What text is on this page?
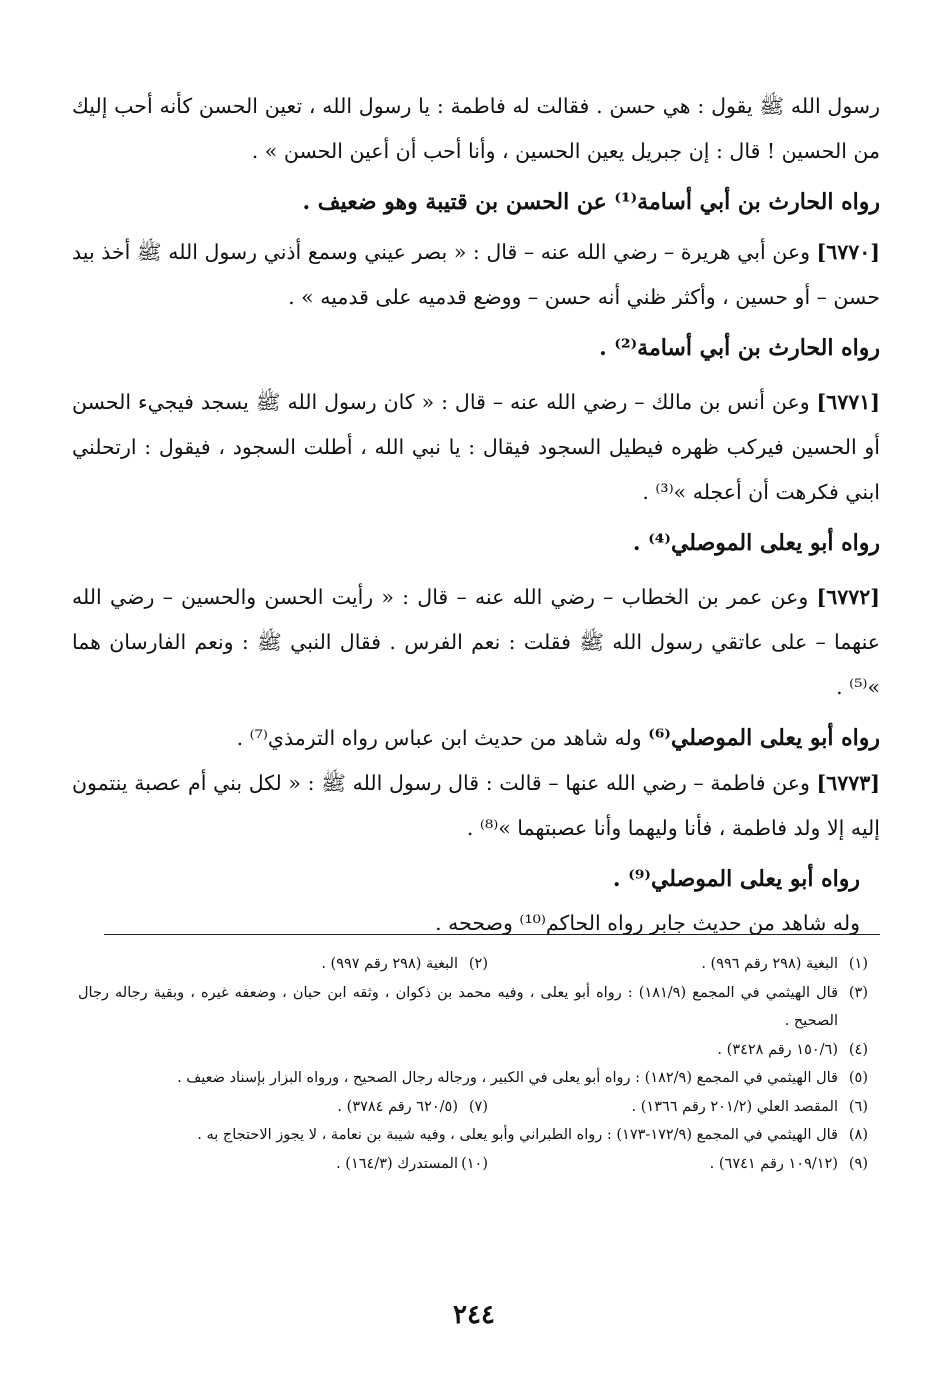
رسول الله ﷺ يقول : هي حسن . فقالت له فاطمة : يا رسول الله ، تعين الحسن كأنه أحب إليك من الحسين ! قال : إن جبريل يعين الحسين ، وأنا أحب أن أعين الحسن » .

رواه الحارث بن أبي أسامة⁽¹⁾ عن الحسن بن قتيبة وهو ضعيف .

[٦٧٧٠] وعن أبي هريرة – رضي الله عنه – قال : « بصر عيني وسمع أذني رسول الله ﷺ أخذ بيد حسن – أو حسين ، وأكثر ظني أنه حسن – ووضع قدميه على قدميه » .

رواه الحارث بن أبي أسامة⁽²⁾ .

[٦٧٧١] وعن أنس بن مالك – رضي الله عنه – قال : « كان رسول الله ﷺ يسجد فيجيء الحسن أو الحسين فيركب ظهره فيطيل السجود فيقال : يا نبي الله ، أطلت السجود ، فيقول : ارتحلني ابني فكرهت أن أعجله »⁽³⁾ .

رواه أبو يعلى الموصلي⁽⁴⁾ .

[٦٧٧٢] وعن عمر بن الخطاب – رضي الله عنه – قال : « رأيت الحسن والحسين – رضي الله عنهما – على عاتقي رسول الله ﷺ فقلت : نعم الفرس . فقال النبي ﷺ : ونعم الفارسان هما »⁽⁵⁾ .

رواه أبو يعلى الموصلي⁽⁶⁾ وله شاهد من حديث ابن عباس رواه الترمذي⁽⁷⁾ .

[٦٧٧٣] وعن فاطمة – رضي الله عنها – قالت : قال رسول الله ﷺ : « لكل بني أم عصبة ينتمون إليه إلا ولد فاطمة ، فأنا وليهما وأنا عصبتهما »⁽⁸⁾ .

رواه أبو يعلى الموصلي⁽⁹⁾ .

وله شاهد من حديث جابر رواه الحاكم⁽¹⁰⁾ وصححه .

(١)
البغية (٢٩٨ رقم ٩٩٦) .
(٢)
البغية (٢٩٨ رقم ٩٩٧) .
(٣)
قال الهيثمي في المجمع (١٨١/٩) : رواه أبو يعلى ، وفيه محمد بن ذكوان ، وثقه ابن حبان ، وضعفه غيره ، وبقية رجاله رجال الصحيح .
(٤)
(١٥٠/٦ رقم ٣٤٢٨) .
(٥)
قال الهيثمي في المجمع (١٨٢/٩) : رواه أبو يعلى في الكبير ، ورجاله رجال الصحيح ، ورواه البزار بإسناد ضعيف .
(٦)
المقصد العلي (٢٠١/٢ رقم ١٣٦٦) .
(٧)
(٦٢٠/٥ رقم ٣٧٨٤) .
(٨)
قال الهيثمي في المجمع (١٧٢/٩-١٧٣) : رواه الطبراني وأبو يعلى ، وفيه شيبة بن نعامة ، لا يجوز الاحتجاج به .
(٩)
(١٠٩/١٢ رقم ٦٧٤١) .
(١٠)
المستدرك (١٦٤/٣) .
٢٤٤
